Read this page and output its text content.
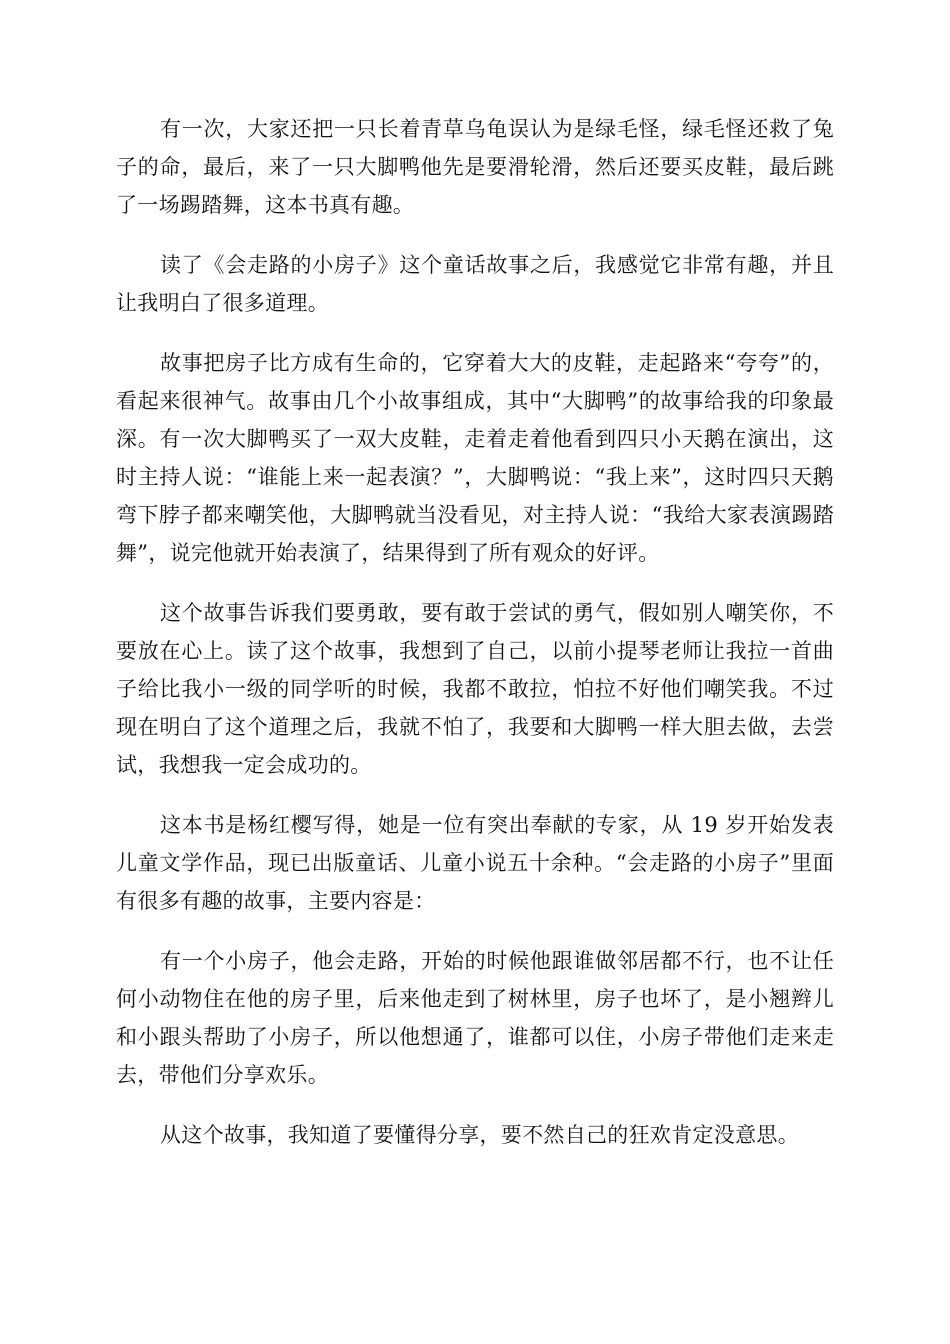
有一次，大家还把一只长着青草乌龟误认为是绿毛怪，绿毛怪还救了兔子的命，最后，来了一只大脚鸭他先是要滑轮滑，然后还要买皮鞋，最后跳了一场踢踏舞，这本书真有趣。

读了《会走路的小房子》这个童话故事之后，我感觉它非常有趣，并且让我明白了很多道理。

故事把房子比方成有生命的，它穿着大大的皮鞋，走起路来“夸夸”的，看起来很神气。故事由几个小故事组成，其中“大脚鸭”的故事给我的印象最深。有一次大脚鸭买了一双大皮鞋，走着走着他看到四只小天鹅在演出，这时主持人说：“谁能上来一起表演？”，大脚鸭说：“我上来”，这时四只天鹅弯下脖子都来嘲笑他，大脚鸭就当没看见，对主持人说：“我给大家表演踢踏舞”，说完他就开始表演了，结果得到了所有观众的好评。

这个故事告诉我们要勇敢，要有敢于尝试的勇气，假如别人嘲笑你，不要放在心上。读了这个故事，我想到了自己，以前小提琴老师让我拉一首曲子给比我小一级的同学听的时候，我都不敢拉，怕拉不好他们嘲笑我。不过现在明白了这个道理之后，我就不怕了，我要和大脚鸭一样大胆去做，去尝试，我想我一定会成功的。

这本书是杨红樱写得，她是一位有突出奉献的专家，从 19 岁开始发表儿童文学作品，现已出版童话、儿童小说五十余种。“会走路的小房子”里面有很多有趣的故事，主要内容是：

有一个小房子，他会走路，开始的时候他跟谁做邻居都不行，也不让任何小动物住在他的房子里，后来他走到了树林里，房子也坏了，是小翘辫儿和小跟头帮助了小房子，所以他想通了，谁都可以住，小房子带他们走来走去，带他们分享欢乐。

从这个故事，我知道了要懂得分享，要不然自己的狂欢肯定没意思。
